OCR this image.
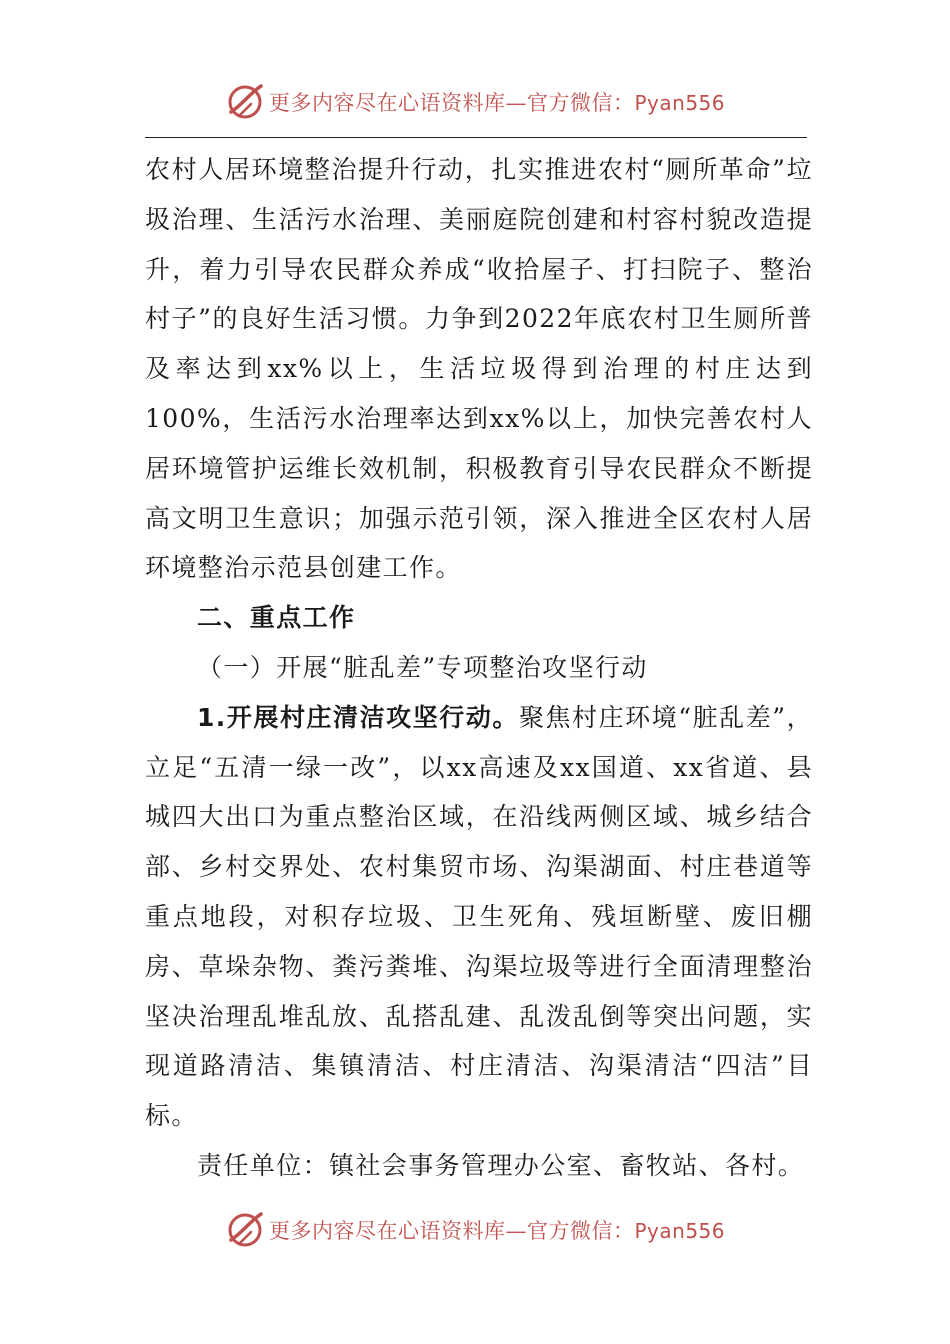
更多内容尽在心语资料库—官方微信：Pyan556

农村人居环境整治提升行动，扎实推进农村“厕所革命”垃圾治理、生活污水治理、美丽庭院创建和村容村貌改造提升，着力引导农民群众养成“收拾屋子、打扫院子、整治村子”的良好生活习惯。力争到2022年底农村卫生厕所普及率达到xx%以上，生活垃圾得到治理的村庄达到100%，生活污水治理率达到xx%以上，加快完善农村人居环境管护运维长效机制，积极教育引导农民群众不断提高文明卫生意识；加强示范引领，深入推进全区农村人居环境整治示范县创建工作。

二、重点工作

（一）开展“脏乱差”专项整治攻坚行动

1.开展村庄清洁攻坚行动。聚焦村庄环境“脏乱差”，立足“五清一绿一改”，以xx高速及xx国道、xx省道、县城四大出口为重点整治区域，在沿线两侧区域、城乡结合部、乡村交界处、农村集贸市场、沟渠湖面、村庄巷道等重点地段，对积存垃圾、卫生死角、残垣断壁、废旧棚房、草垛杂物、粪污粪堆、沟渠垃圾等进行全面清理整治坚决治理乱堆乱放、乱搭乱建、乱泼乱倒等突出问题，实现道路清洁、集镇清洁、村庄清洁、沟渠清洁“四洁”目标。

责任单位：镇社会事务管理办公室、畜牧站、各村。

更多内容尽在心语资料库—官方微信：Pyan556
